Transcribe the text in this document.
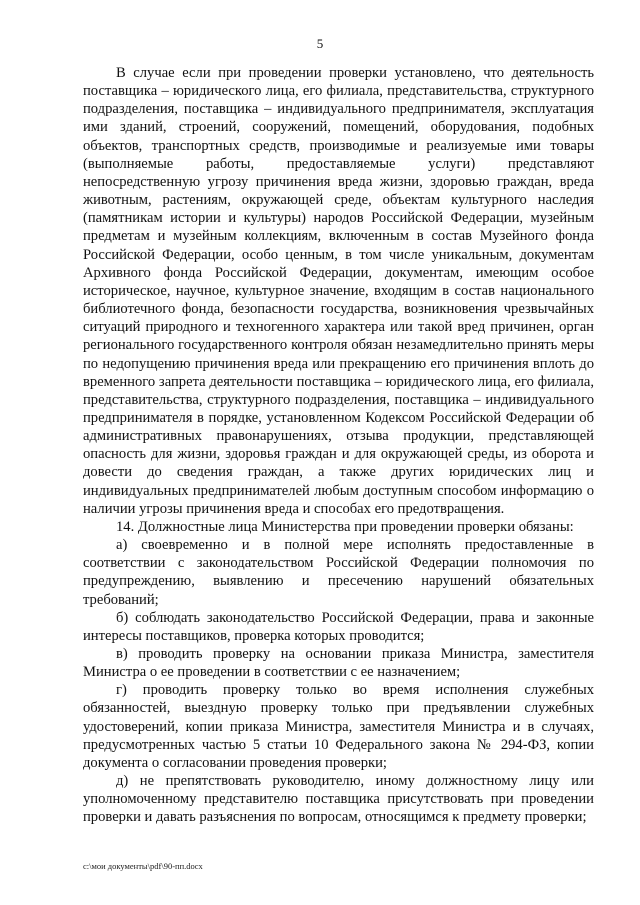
5

В случае если при проведении проверки установлено, что деятельность поставщика – юридического лица, его филиала, представительства, структурного подразделения, поставщика – индивидуального предпринимателя, эксплуатация ими зданий, строений, сооружений, помещений, оборудования, подобных объектов, транспортных средств, производимые и реализуемые ими товары (выполняемые работы, предоставляемые услуги) представляют непосредственную угрозу причинения вреда жизни, здоровью граждан, вреда животным, растениям, окружающей среде, объектам культурного наследия (памятникам истории и культуры) народов Российской Федерации, музейным предметам и музейным коллекциям, включенным в состав Музейного фонда Российской Федерации, особо ценным, в том числе уникальным, документам Архивного фонда Российской Федерации, документам, имеющим особое историческое, научное, культурное значение, входящим в состав национального библиотечного фонда, безопасности государства, возникновения чрезвычайных ситуаций природного и техногенного характера или такой вред причинен, орган регионального государственного контроля обязан незамедлительно принять меры по недопущению причинения вреда или прекращению его причинения вплоть до временного запрета деятельности поставщика – юридического лица, его филиала, представительства, структурного подразделения, поставщика – индивидуального предпринимателя в порядке, установленном Кодексом Российской Федерации об административных правонарушениях, отзыва продукции, представляющей опасность для жизни, здоровья граждан и для окружающей среды, из оборота и довести до сведения граждан, а также других юридических лиц и индивидуальных предпринимателей любым доступным способом информацию о наличии угрозы причинения вреда и способах его предотвращения.

14. Должностные лица Министерства при проведении проверки обязаны:

а) своевременно и в полной мере исполнять предоставленные в соответствии с законодательством Российской Федерации полномочия по предупреждению, выявлению и пресечению нарушений обязательных требований;

б) соблюдать законодательство Российской Федерации, права и законные интересы поставщиков, проверка которых проводится;

в) проводить проверку на основании приказа Министра, заместителя Министра о ее проведении в соответствии с ее назначением;

г) проводить проверку только во время исполнения служебных обязанностей, выездную проверку только при предъявлении служебных удостоверений, копии приказа Министра, заместителя Министра и в случаях, предусмотренных частью 5 статьи 10 Федерального закона № 294-ФЗ, копии документа о согласовании проведения проверки;

д) не препятствовать руководителю, иному должностному лицу или уполномоченному представителю поставщика присутствовать при проведении проверки и давать разъяснения по вопросам, относящимся к предмету проверки;

c:\мои документы\pdf\90-пп.docx
